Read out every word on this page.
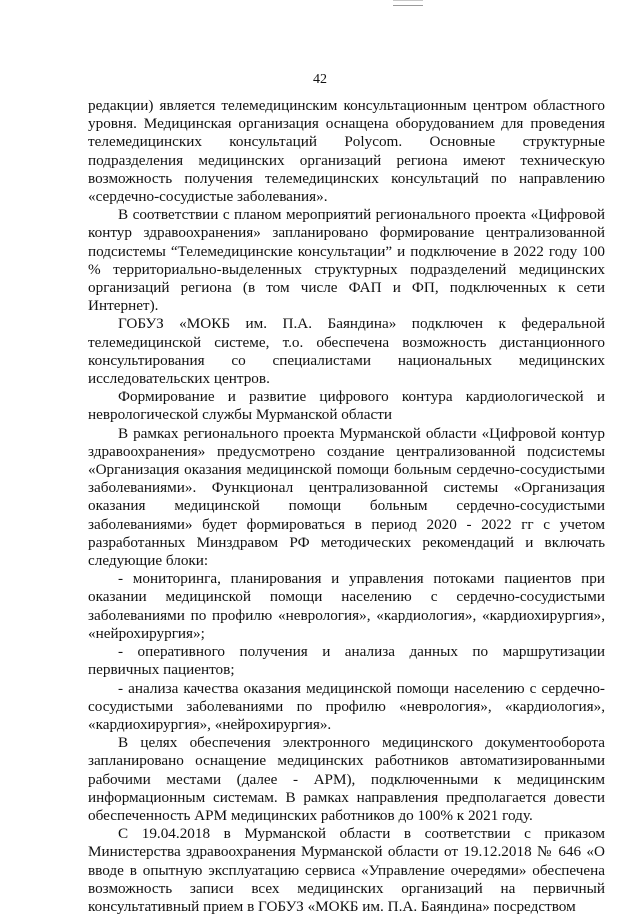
42

редакции) является телемедицинским консультационным центром областного уровня. Медицинская организация оснащена оборудованием для проведения телемедицинских консультаций Polycom. Основные структурные подразделения медицинских организаций региона имеют техническую возможность получения телемедицинских консультаций по направлению «сердечно-сосудистые заболевания».

В соответствии с планом мероприятий регионального проекта «Цифровой контур здравоохранения» запланировано формирование централизованной подсистемы “Телемедицинские консультации” и подключение в 2022 году 100 % территориально-выделенных структурных подразделений медицинских организаций региона (в том числе ФАП и ФП, подключенных к сети Интернет).

ГОБУЗ «МОКБ им. П.А. Баяндина» подключен к федеральной телемедицинской системе, т.о. обеспечена возможность дистанционного консультирования со специалистами национальных медицинских исследовательских центров.

Формирование и развитие цифрового контура кардиологической и неврологической службы Мурманской области

В рамках регионального проекта Мурманской области «Цифровой контур здравоохранения» предусмотрено создание централизованной подсистемы «Организация оказания медицинской помощи больным сердечно-сосудистыми заболеваниями». Функционал централизованной системы «Организация оказания медицинской помощи больным сердечно-сосудистыми заболеваниями» будет формироваться в период 2020 - 2022 гг с учетом разработанных Минздравом РФ методических рекомендаций и включать следующие блоки:

- мониторинга, планирования и управления потоками пациентов при оказании медицинской помощи населению с сердечно-сосудистыми заболеваниями по профилю «неврология», «кардиология», «кардиохирургия», «нейрохирургия»;

- оперативного получения и анализа данных по маршрутизации первичных пациентов;

- анализа качества оказания медицинской помощи населению с сердечно-сосудистыми заболеваниями по профилю «неврология», «кардиология», «кардиохирургия», «нейрохирургия».

В целях обеспечения электронного медицинского документооборота запланировано оснащение медицинских работников автоматизированными рабочими местами (далее - АРМ), подключенными к медицинским информационным системам. В рамках направления предполагается довести обеспеченность АРМ медицинских работников до 100% к 2021 году.

С 19.04.2018 в Мурманской области в соответствии с приказом Министерства здравоохранения Мурманской области от 19.12.2018 № 646 «О вводе в опытную эксплуатацию сервиса «Управление очередями» обеспечена возможность записи всех медицинских организаций на первичный консультативный прием в ГОБУЗ «МОКБ им. П.А. Баяндина» посредством
